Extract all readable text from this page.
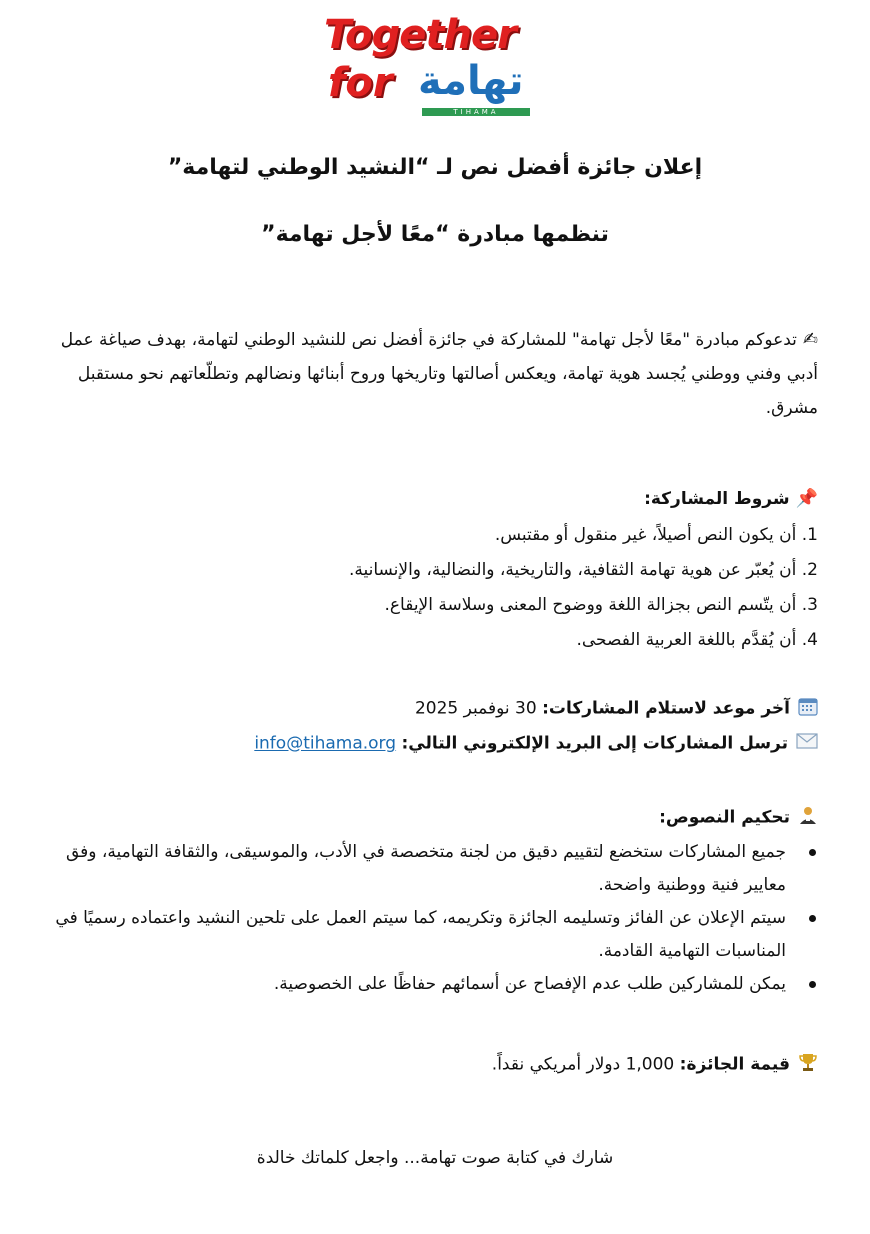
Together
for تهامة
TIHAMA
إعلان جائزة أفضل نص لـ “النشيد الوطني لتهامة”
تنظمها مبادرة “معًا لأجل تهامة”
✍تدعوكم مبادرة "معًا لأجل تهامة" للمشاركة في جائزة أفضل نص للنشيد الوطني لتهامة، بهدف صياغة عمل أدبي وفني ووطني يُجسد هوية تهامة، ويعكس أصالتها وتاريخها وروح أبنائها ونضالهم وتطلّعاتهم نحو مستقبل مشرق.
📌شروط المشاركة:
1. أن يكون النص أصيلاً، غير منقول أو مقتبس.
2. أن يُعبّر عن هوية تهامة الثقافية، والتاريخية، والنضالية، والإنسانية.
3. أن يتّسم النص بجزالة اللغة ووضوح المعنى وسلاسة الإيقاع.
4. أن يُقدَّم باللغة العربية الفصحى.
آخر موعد لاستلام المشاركات: 30 نوفمبر 2025
ترسل المشاركات إلى البريد الإلكتروني التالي: info@tihama.org
تحكيم النصوص:
جميع المشاركات ستخضع لتقييم دقيق من لجنة متخصصة في الأدب، والموسيقى، والثقافة التهامية، وفق معايير فنية ووطنية واضحة.
سيتم الإعلان عن الفائز وتسليمه الجائزة وتكريمه، كما سيتم العمل على تلحين النشيد واعتماده رسميًا في المناسبات التهامية القادمة.
يمكن للمشاركين طلب عدم الإفصاح عن أسمائهم حفاظًا على الخصوصية.
قيمة الجائزة: 1,000 دولار أمريكي نقداً.
شارك في كتابة صوت تهامة... واجعل كلماتك خالدة
